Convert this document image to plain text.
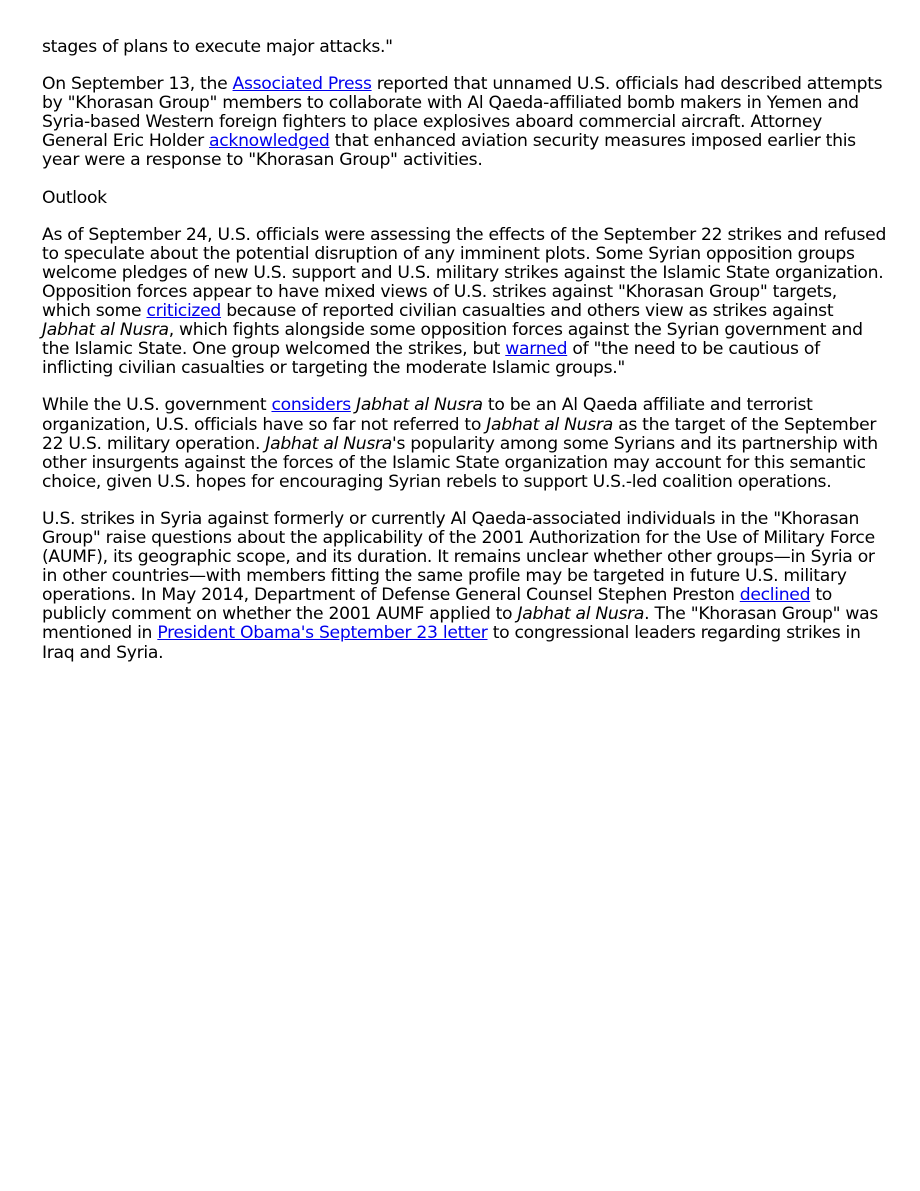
stages of plans to execute major attacks."

On September 13, the Associated Press reported that unnamed U.S. officials had described attempts by "Khorasan Group" members to collaborate with Al Qaeda-affiliated bomb makers in Yemen and Syria-based Western foreign fighters to place explosives aboard commercial aircraft. Attorney General Eric Holder acknowledged that enhanced aviation security measures imposed earlier this year were a response to "Khorasan Group" activities.

Outlook

As of September 24, U.S. officials were assessing the effects of the September 22 strikes and refused to speculate about the potential disruption of any imminent plots. Some Syrian opposition groups welcome pledges of new U.S. support and U.S. military strikes against the Islamic State organization. Opposition forces appear to have mixed views of U.S. strikes against "Khorasan Group" targets, which some criticized because of reported civilian casualties and others view as strikes against Jabhat al Nusra, which fights alongside some opposition forces against the Syrian government and the Islamic State. One group welcomed the strikes, but warned of "the need to be cautious of inflicting civilian casualties or targeting the moderate Islamic groups."

While the U.S. government considers Jabhat al Nusra to be an Al Qaeda affiliate and terrorist organization, U.S. officials have so far not referred to Jabhat al Nusra as the target of the September 22 U.S. military operation. Jabhat al Nusra's popularity among some Syrians and its partnership with other insurgents against the forces of the Islamic State organization may account for this semantic choice, given U.S. hopes for encouraging Syrian rebels to support U.S.-led coalition operations.

U.S. strikes in Syria against formerly or currently Al Qaeda-associated individuals in the "Khorasan Group" raise questions about the applicability of the 2001 Authorization for the Use of Military Force (AUMF), its geographic scope, and its duration. It remains unclear whether other groups—in Syria or in other countries—with members fitting the same profile may be targeted in future U.S. military operations. In May 2014, Department of Defense General Counsel Stephen Preston declined to publicly comment on whether the 2001 AUMF applied to Jabhat al Nusra. The "Khorasan Group" was mentioned in President Obama's September 23 letter to congressional leaders regarding strikes in Iraq and Syria.
